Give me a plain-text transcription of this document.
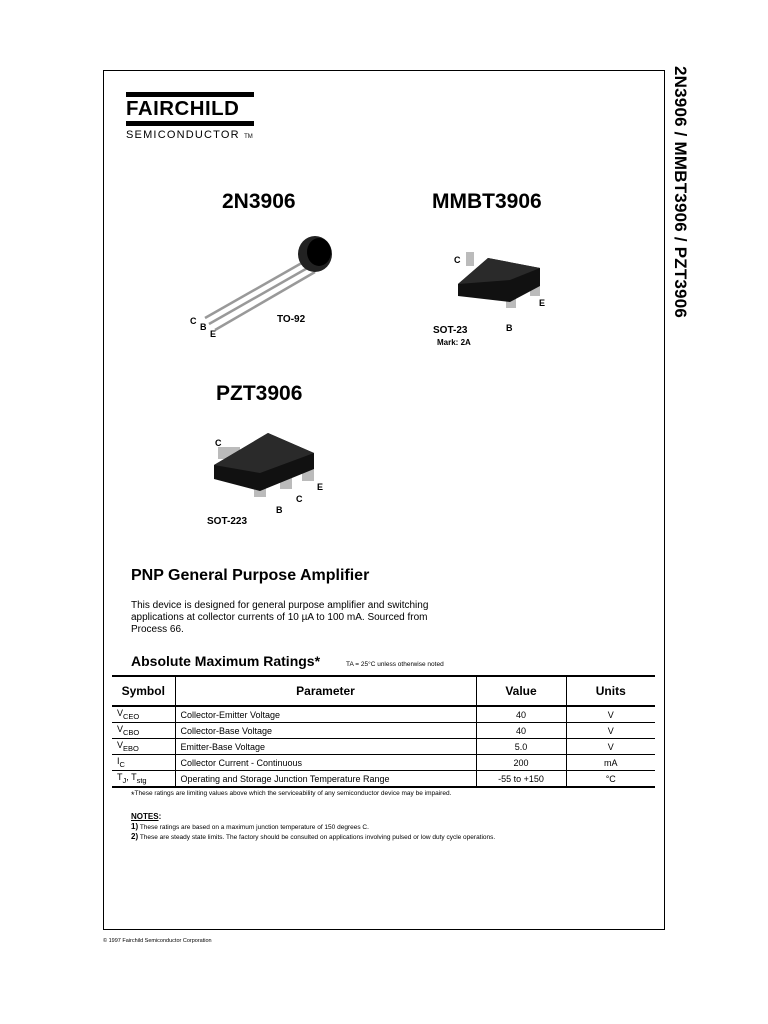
2N3906 / MMBT3906 / PZT3906
FAIRCHILD
SEMICONDUCTOR TM
2N3906
C
B
E
TO-92
MMBT3906
C
E
B
SOT-23
Mark: 2A
PZT3906
C
E
C
B
SOT-223
PNP General Purpose Amplifier
This device is designed for general purpose amplifier and switching applications at collector currents of 10 µA to 100 mA. Sourced from Process 66.
Absolute Maximum Ratings*	TA = 25°C unless otherwise noted
Symbol	Parameter	Value	Units
$V_{CEO}$	Collector-Emitter Voltage	40	V
$V_{CBO}$	Collector-Base Voltage	40	V
$V_{EBO}$	Emitter-Base Voltage	5.0	V
$I_C$	Collector Current - Continuous	200	mA
$T_J$, $T_{stg}$	Operating and Storage Junction Temperature Range	-55 to +150	°C
*These ratings are limiting values above which the serviceability of any semiconductor device may be impaired.
NOTES:
1) These ratings are based on a maximum junction temperature of 150 degrees C.
2) These are steady state limits. The factory should be consulted on applications involving pulsed or low duty cycle operations.
© 1997 Fairchild Semiconductor Corporation
